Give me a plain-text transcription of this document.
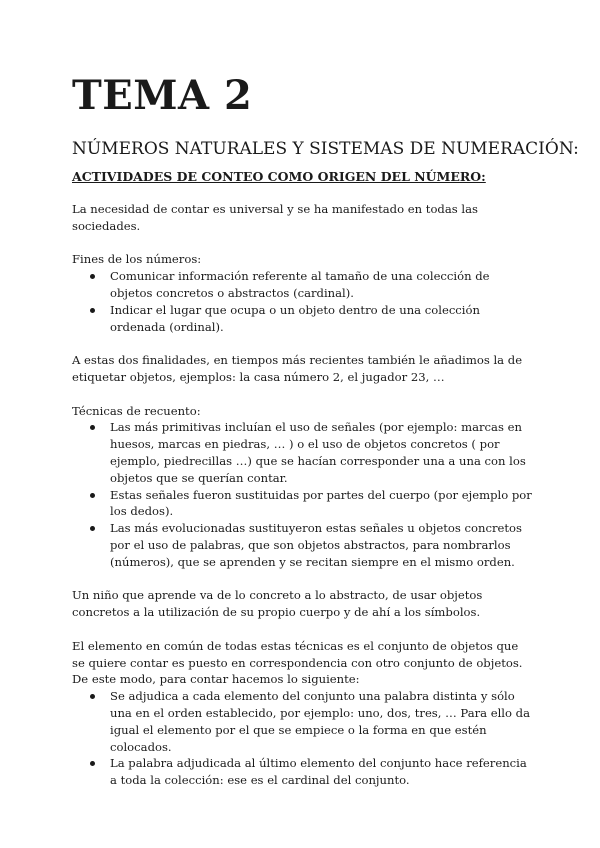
TEMA 2
NÚMEROS NATURALES Y SISTEMAS DE NUMERACIÓN:
ACTIVIDADES DE CONTEO COMO ORIGEN DEL NÚMERO:

La necesidad de contar es universal y se ha manifestado en todas las sociedades.

Fines de los números:

Comunicar información referente al tamaño de una colección de objetos concretos o abstractos (cardinal).
Indicar el lugar que ocupa o un objeto dentro de una colección ordenada (ordinal).

A estas dos finalidades, en tiempos más recientes también le añadimos la de etiquetar objetos, ejemplos: la casa número 2, el jugador 23, …

Técnicas de recuento:

Las más primitivas incluían el uso de señales (por ejemplo: marcas en huesos, marcas en piedras, … ) o el uso de objetos concretos ( por ejemplo, piedrecillas …) que se hacían corresponder una a una con los objetos que se querían contar.
Estas señales fueron sustituidas por partes del cuerpo (por ejemplo por los dedos).
Las más evolucionadas sustituyeron estas señales u objetos concretos por el uso de palabras, que son objetos abstractos, para nombrarlos (números), que se aprenden y se recitan siempre en el mismo orden.

Un niño que aprende va de lo concreto a lo abstracto, de usar objetos concretos a la utilización de su propio cuerpo y de ahí a los símbolos.

El elemento en común de todas estas técnicas es el conjunto de objetos que se quiere contar es puesto en correspondencia con otro conjunto de objetos. De este modo, para contar hacemos lo siguiente:

Se adjudica a cada elemento del conjunto una palabra distinta y sólo una en el orden establecido, por ejemplo: uno, dos, tres, … Para ello da igual el elemento por el que se empiece o la forma en que estén colocados.
La palabra adjudicada al último elemento del conjunto hace referencia a toda la colección: ese es el cardinal del conjunto.
